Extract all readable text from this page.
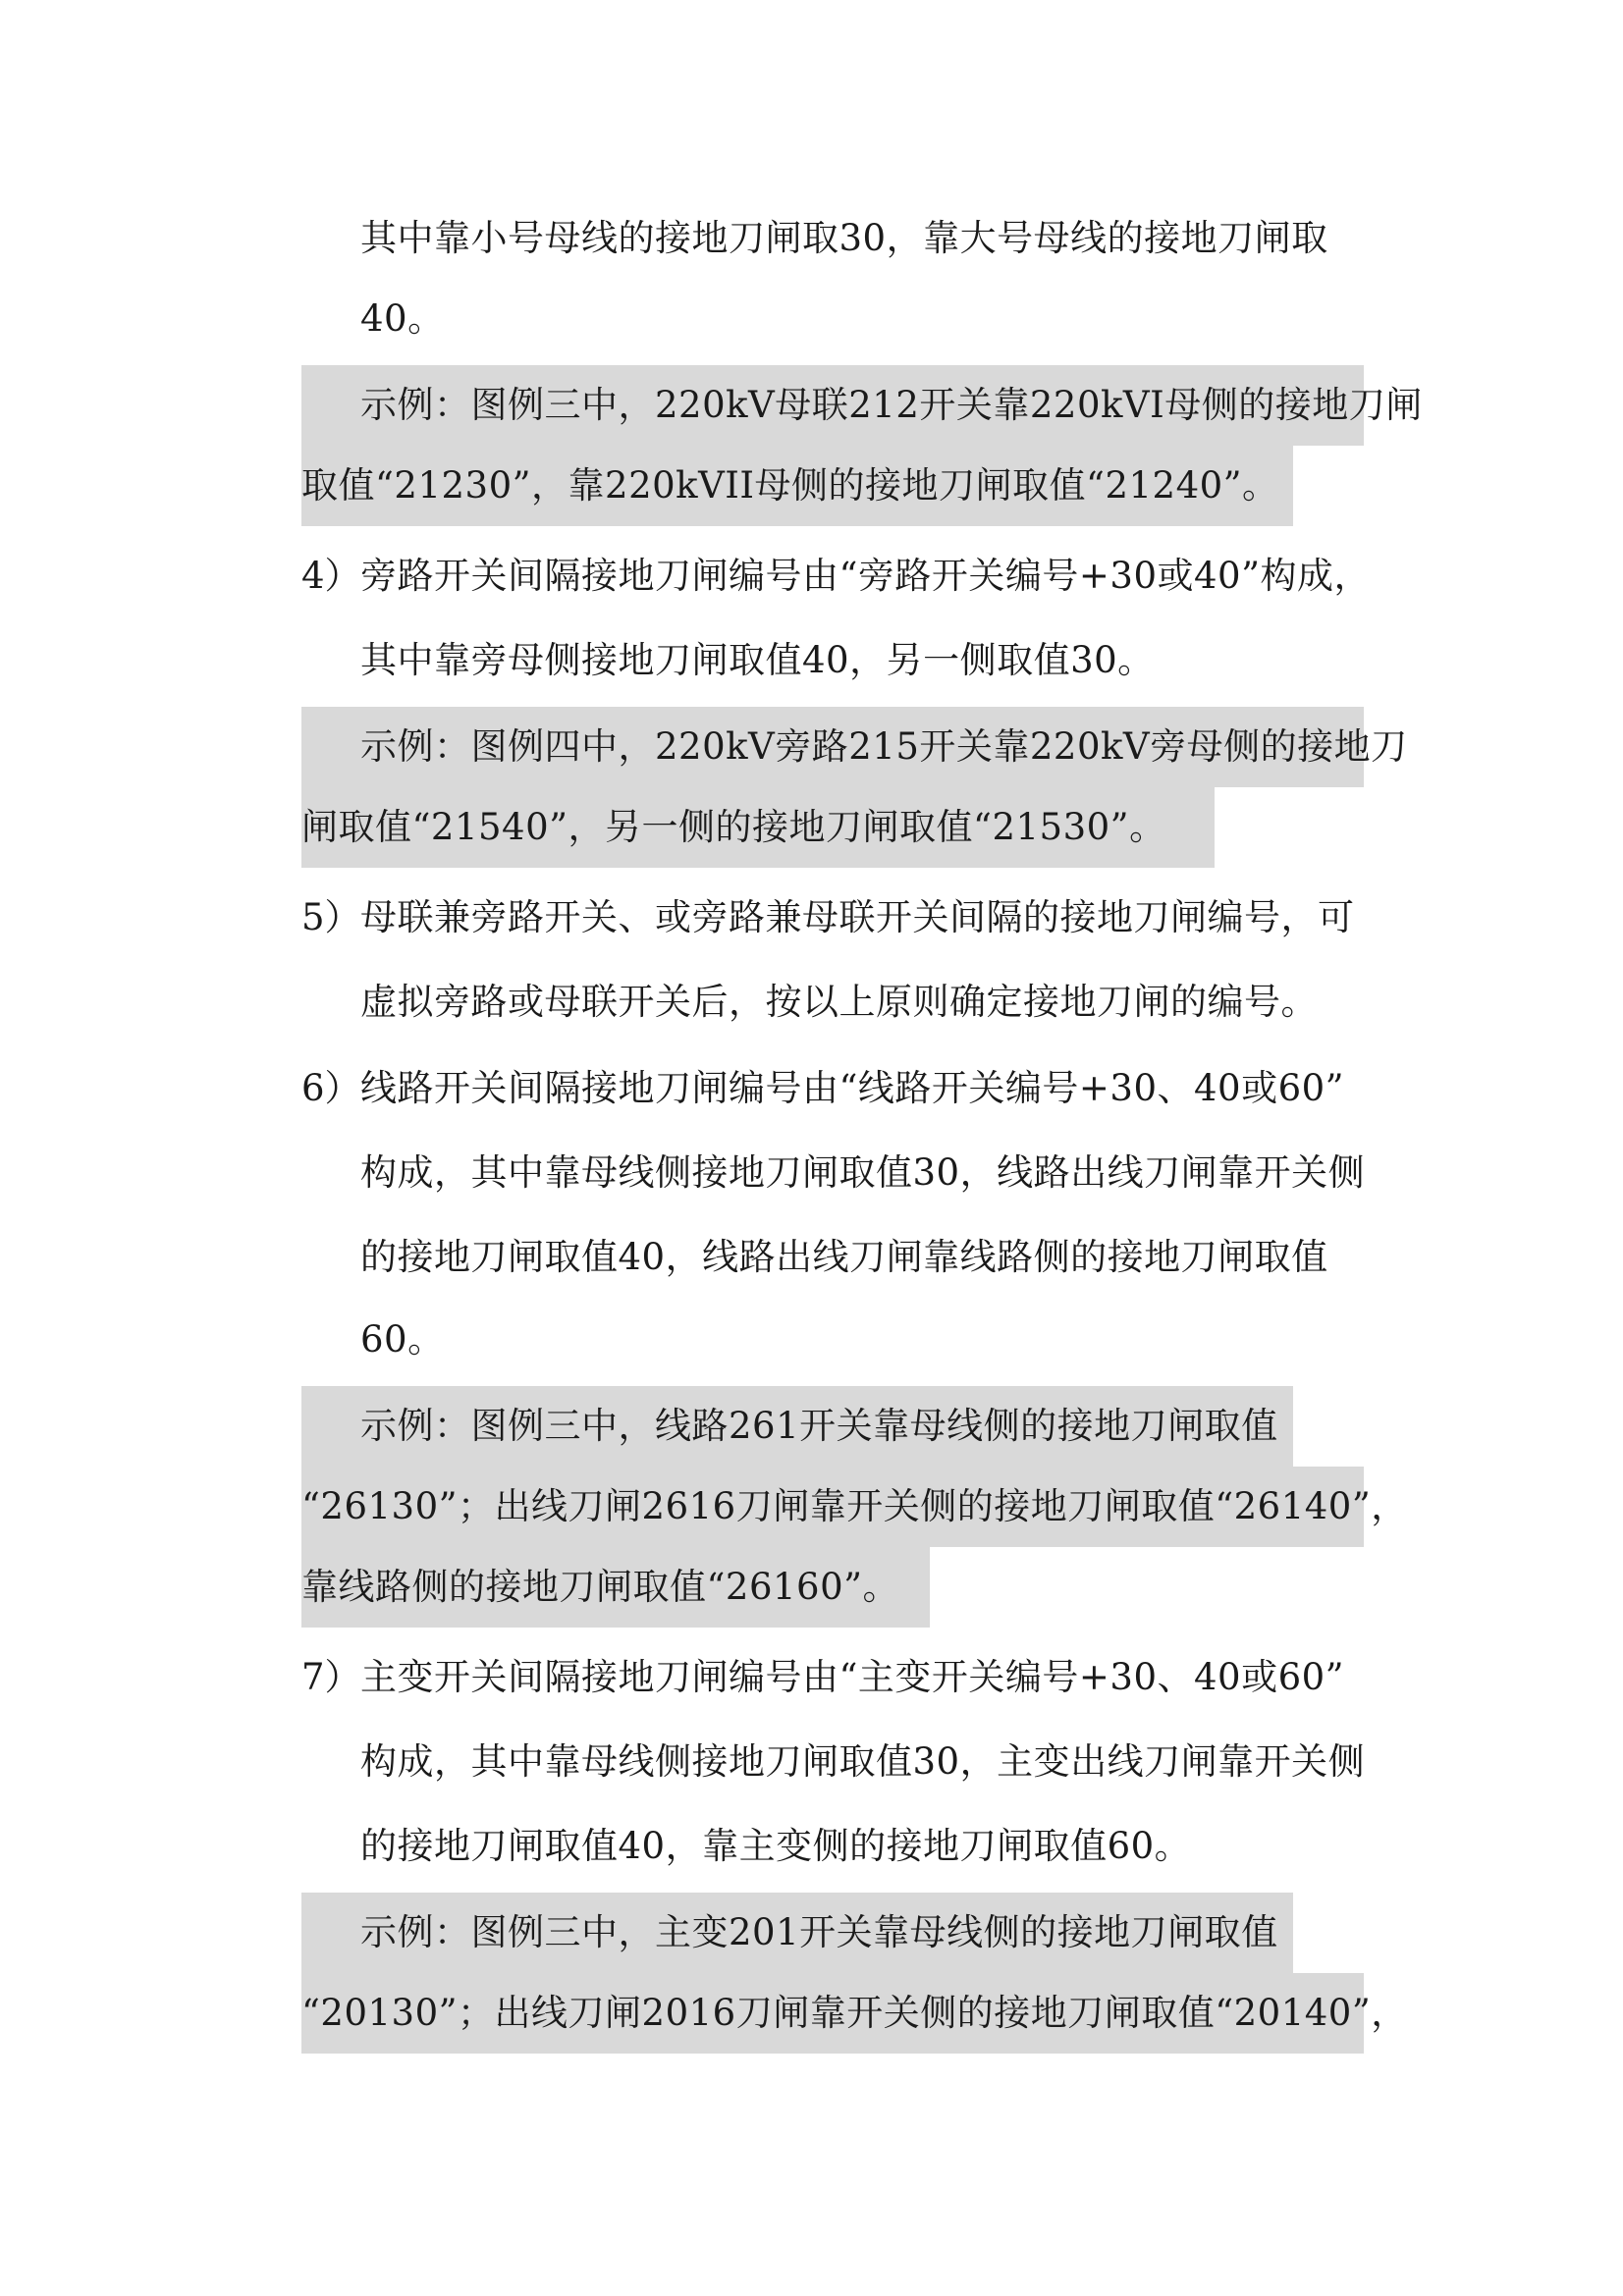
其中靠小号母线的接地刀闸取30，靠大号母线的接地刀闸取
40。
示例：图例三中，220kV母联212开关靠220kVI母侧的接地刀闸
取值“21230”，靠220kVII母侧的接地刀闸取值“21240”。
4） 旁路开关间隔接地刀闸编号由“旁路开关编号+30或40”构成，
其中靠旁母侧接地刀闸取值40，另一侧取值30。
示例：图例四中，220kV旁路215开关靠220kV旁母侧的接地刀
闸取值“21540”，另一侧的接地刀闸取值“21530”。
5） 母联兼旁路开关、或旁路兼母联开关间隔的接地刀闸编号，可
虚拟旁路或母联开关后，按以上原则确定接地刀闸的编号。
6） 线路开关间隔接地刀闸编号由“线路开关编号+30、40或60”
构成，其中靠母线侧接地刀闸取值30，线路出线刀闸靠开关侧
的接地刀闸取值40，线路出线刀闸靠线路侧的接地刀闸取值
60。
示例：图例三中，线路261开关靠母线侧的接地刀闸取值
“26130”；出线刀闸2616刀闸靠开关侧的接地刀闸取值“26140”，
靠线路侧的接地刀闸取值“26160”。
7） 主变开关间隔接地刀闸编号由“主变开关编号+30、40或60”
构成，其中靠母线侧接地刀闸取值30，主变出线刀闸靠开关侧
的接地刀闸取值40，靠主变侧的接地刀闸取值60。
示例：图例三中，主变201开关靠母线侧的接地刀闸取值
“20130”；出线刀闸2016刀闸靠开关侧的接地刀闸取值“20140”，
